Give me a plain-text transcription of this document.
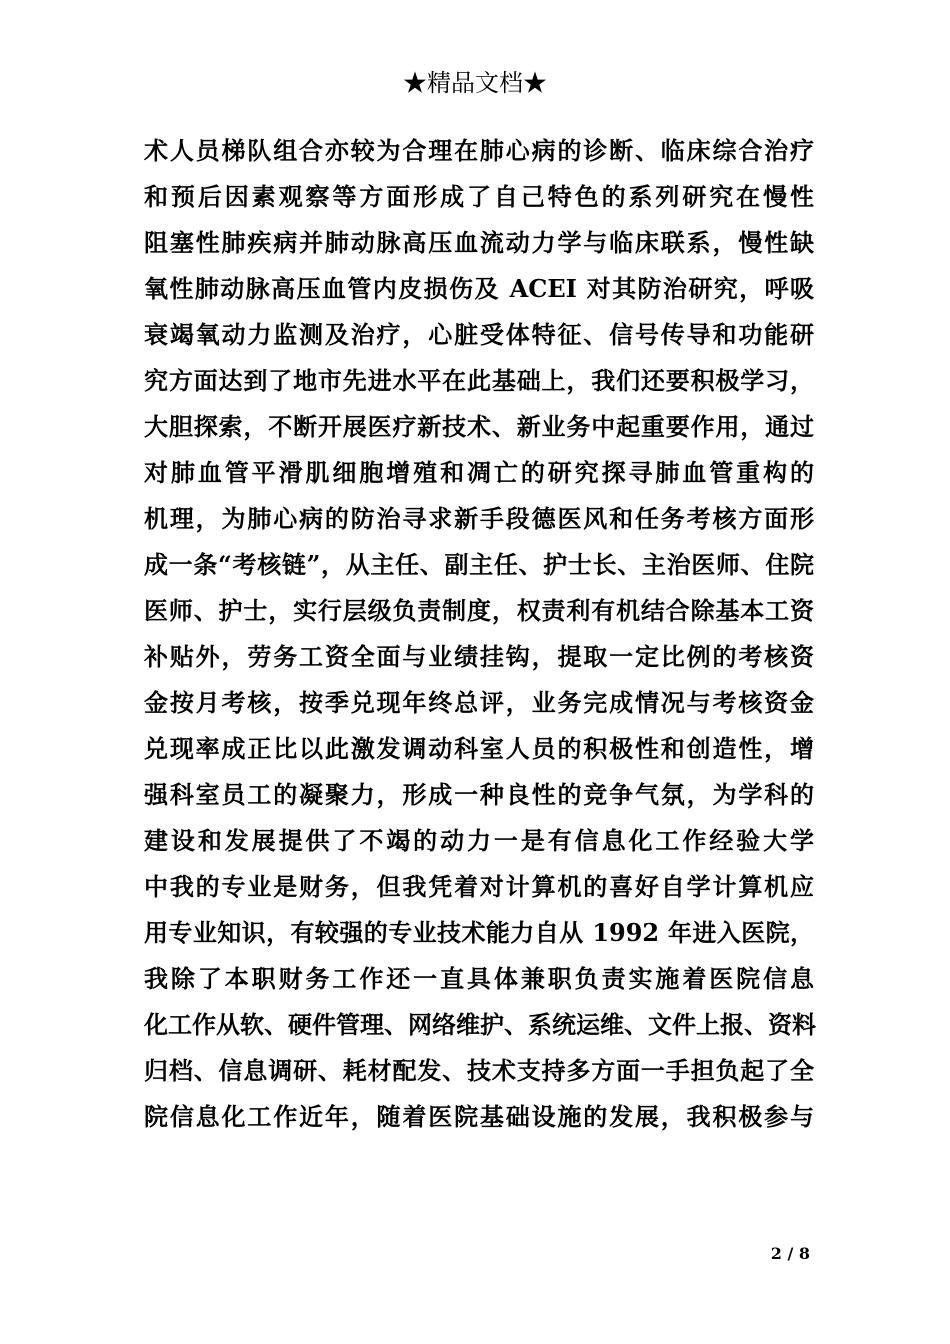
★精品文档★
术人员梯队组合亦较为合理在肺心病的诊断、临床综合治疗
和预后因素观察等方面形成了自己特色的系列研究在慢性
阻塞性肺疾病并肺动脉高压血流动力学与临床联系，慢性缺
氧性肺动脉高压血管内皮损伤及 ACEI 对其防治研究，呼吸
衰竭氧动力监测及治疗，心脏受体特征、信号传导和功能研
究方面达到了地市先进水平在此基础上，我们还要积极学习，
大胆探索，不断开展医疗新技术、新业务中起重要作用，通过
对肺血管平滑肌细胞增殖和凋亡的研究探寻肺血管重构的
机理，为肺心病的防治寻求新手段德医风和任务考核方面形
成一条“考核链”，从主任、副主任、护士长、主治医师、住院
医师、护士，实行层级负责制度，权责利有机结合除基本工资
补贴外，劳务工资全面与业绩挂钩，提取一定比例的考核资
金按月考核，按季兑现年终总评，业务完成情况与考核资金
兑现率成正比以此激发调动科室人员的积极性和创造性，增
强科室员工的凝聚力，形成一种良性的竞争气氛，为学科的
建设和发展提供了不竭的动力一是有信息化工作经验大学
中我的专业是财务，但我凭着对计算机的喜好自学计算机应
用专业知识，有较强的专业技术能力自从 1992 年进入医院，
我除了本职财务工作还一直具体兼职负责实施着医院信息
化工作从软、硬件管理、网络维护、系统运维、文件上报、资料
归档、信息调研、耗材配发、技术支持多方面一手担负起了全
院信息化工作近年，随着医院基础设施的发展，我积极参与
2 / 8
